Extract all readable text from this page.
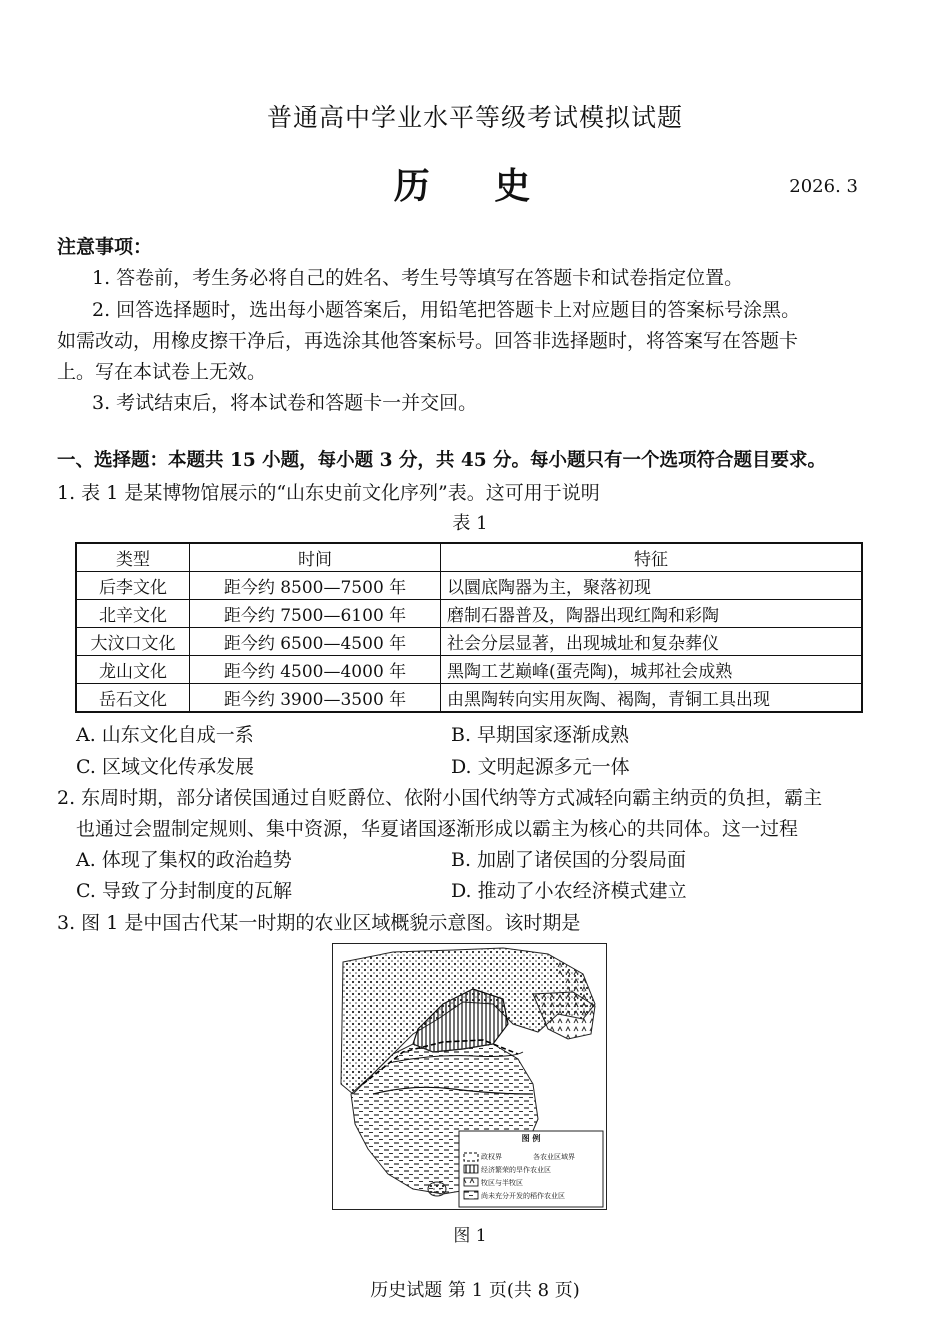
普通高中学业水平等级考试模拟试题
历 史	2026. 3
注意事项：
1. 答卷前，考生务必将自己的姓名、考生号等填写在答题卡和试卷指定位置。
2. 回答选择题时，选出每小题答案后，用铅笔把答题卡上对应题目的答案标号涂黑。
如需改动，用橡皮擦干净后，再选涂其他答案标号。回答非选择题时，将答案写在答题卡
上。写在本试卷上无效。
3. 考试结束后，将本试卷和答题卡一并交回。
一、选择题：本题共 15 小题，每小题 3 分，共 45 分。每小题只有一个选项符合题目要求。
1. 表 1 是某博物馆展示的“山东史前文化序列”表。这可用于说明
表 1
类型	时间	特征
后李文化	距今约 8500—7500 年	以圜底陶器为主，聚落初现
北辛文化	距今约 7500—6100 年	磨制石器普及，陶器出现红陶和彩陶
大汶口文化	距今约 6500—4500 年	社会分层显著，出现城址和复杂葬仪
龙山文化	距今约 4500—4000 年	黑陶工艺巅峰(蛋壳陶)，城邦社会成熟
岳石文化	距今约 3900—3500 年	由黑陶转向实用灰陶、褐陶，青铜工具出现
A. 山东文化自成一系	B. 早期国家逐渐成熟
C. 区域文化传承发展	D. 文明起源多元一体
2. 东周时期，部分诸侯国通过自贬爵位、依附小国代纳等方式减轻向霸主纳贡的负担，霸主
也通过会盟制定规则、集中资源，华夏诸国逐渐形成以霸主为核心的共同体。这一过程
A. 体现了集权的政治趋势	B. 加剧了诸侯国的分裂局面
C. 导致了分封制度的瓦解	D. 推动了小农经济模式建立
3. 图 1 是中国古代某一时期的农业区域概貌示意图。该时期是
图 例
政权界	各农业区域界
经济繁荣的旱作农业区
牧区与半牧区
尚未充分开发的稻作农业区
图 1
历史试题 第 1 页(共 8 页)
